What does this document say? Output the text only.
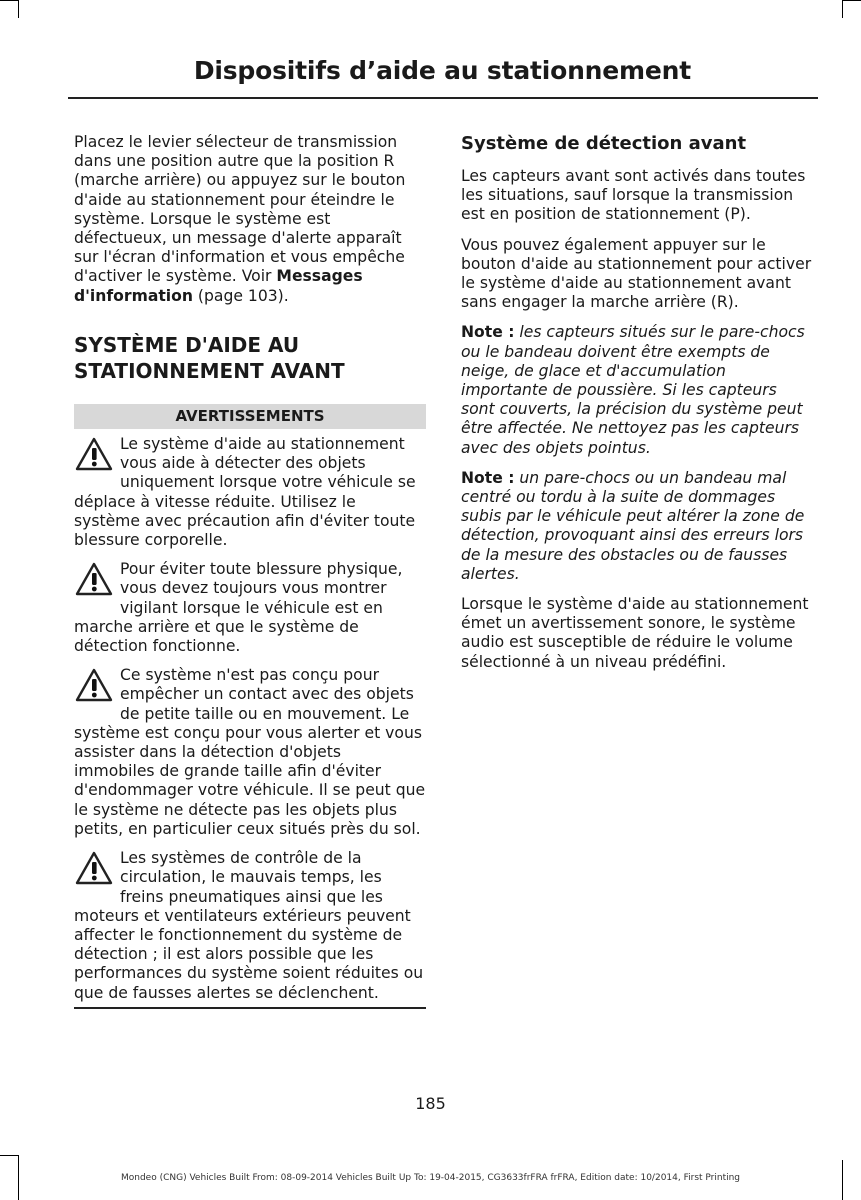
Dispositifs d’aide au stationnement

Placez le levier sélecteur de transmission dans une position autre que la position R (marche arrière) ou appuyez sur le bouton d'aide au stationnement pour éteindre le système. Lorsque le système est défectueux, un message d'alerte apparaît sur l'écran d'information et vous empêche d'activer le système. Voir Messages d'information (page 103).

SYSTÈME D'AIDE AU STATIONNEMENT AVANT
AVERTISSEMENTS
Le système d'aide au stationnement vous aide à détecter des objets uniquement lorsque votre véhicule se déplace à vitesse réduite. Utilisez le système avec précaution afin d'éviter toute blessure corporelle.
Pour éviter toute blessure physique, vous devez toujours vous montrer vigilant lorsque le véhicule est en marche arrière et que le système de détection fonctionne.
Ce système n'est pas conçu pour empêcher un contact avec des objets de petite taille ou en mouvement. Le système est conçu pour vous alerter et vous assister dans la détection d'objets immobiles de grande taille afin d'éviter d'endommager votre véhicule. Il se peut que le système ne détecte pas les objets plus petits, en particulier ceux situés près du sol.
Les systèmes de contrôle de la circulation, le mauvais temps, les freins pneumatiques ainsi que les moteurs et ventilateurs extérieurs peuvent affecter le fonctionnement du système de détection ; il est alors possible que les performances du système soient réduites ou que de fausses alertes se déclenchent.
Système de détection avant

Les capteurs avant sont activés dans toutes les situations, sauf lorsque la transmission est en position de stationnement (P).

Vous pouvez également appuyer sur le bouton d'aide au stationnement pour activer le système d'aide au stationnement avant sans engager la marche arrière (R).

Note : les capteurs situés sur le pare-chocs ou le bandeau doivent être exempts de neige, de glace et d'accumulation importante de poussière. Si les capteurs sont couverts, la précision du système peut être affectée. Ne nettoyez pas les capteurs avec des objets pointus.

Note : un pare-chocs ou un bandeau mal centré ou tordu à la suite de dommages subis par le véhicule peut altérer la zone de détection, provoquant ainsi des erreurs lors de la mesure des obstacles ou de fausses alertes.

Lorsque le système d'aide au stationnement émet un avertissement sonore, le système audio est susceptible de réduire le volume sélectionné à un niveau prédéfini.

185
Mondeo (CNG) Vehicles Built From: 08-09-2014 Vehicles Built Up To: 19-04-2015, CG3633frFRA frFRA, Edition date: 10/2014, First Printing
